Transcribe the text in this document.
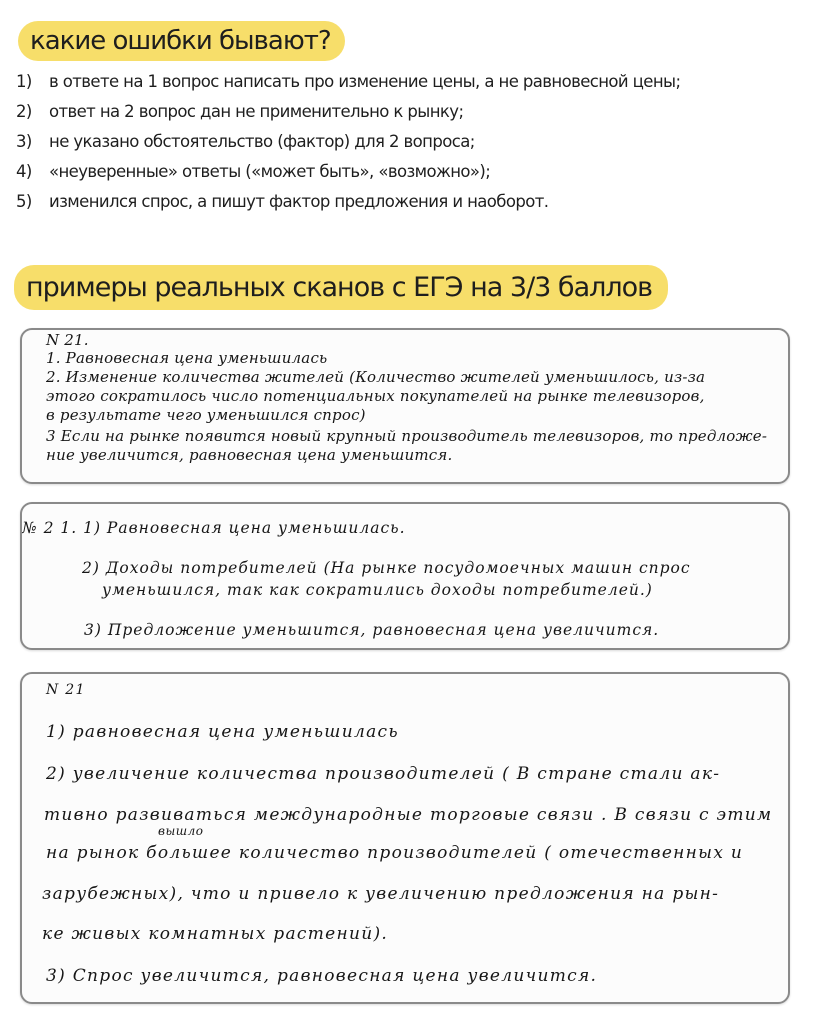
какие ошибки бывают?
1)	в ответе на 1 вопрос написать про изменение цены, а не равновесной цены;
2)	ответ на 2 вопрос дан не применительно к рынку;
3)	не указано обстоятельство (фактор) для 2 вопроса;
4)	«неуверенные» ответы («может быть», «возможно»);
5)	изменился спрос, а пишут фактор предложения и наоборот.
примеры реальных сканов с ЕГЭ на 3/3 баллов
N 21.
1. Равновесная цена уменьшилась
2. Изменение количества жителей (Количество жителей уменьшилось, из-за
этого сократилось число потенциальных покупателей на рынке телевизоров,
в результате чего уменьшился спрос)
3 Если на рынке появится новый крупный производитель телевизоров, то предложе-
ние увеличится, равновесная цена уменьшится.
№ 2 1. 1) Равновесная цена уменьшилась.
2) Доходы потребителей (На рынке посудомоечных машин спрос
уменьшился, так как сократились доходы потребителей.)
3) Предложение уменьшится, равновесная цена увеличится.
N 21
1) равновесная цена уменьшилась
2) увеличение количества производителей ( В стране стали ак-
тивно развиваться международные торговые связи . В связи с этим
вышло
на рынок большее количество производителей ( отечественных и
зарубежных), что и привело к увеличению предложения на рын-
ке живых комнатных растений).
3) Спрос увеличится, равновесная цена увеличится.
